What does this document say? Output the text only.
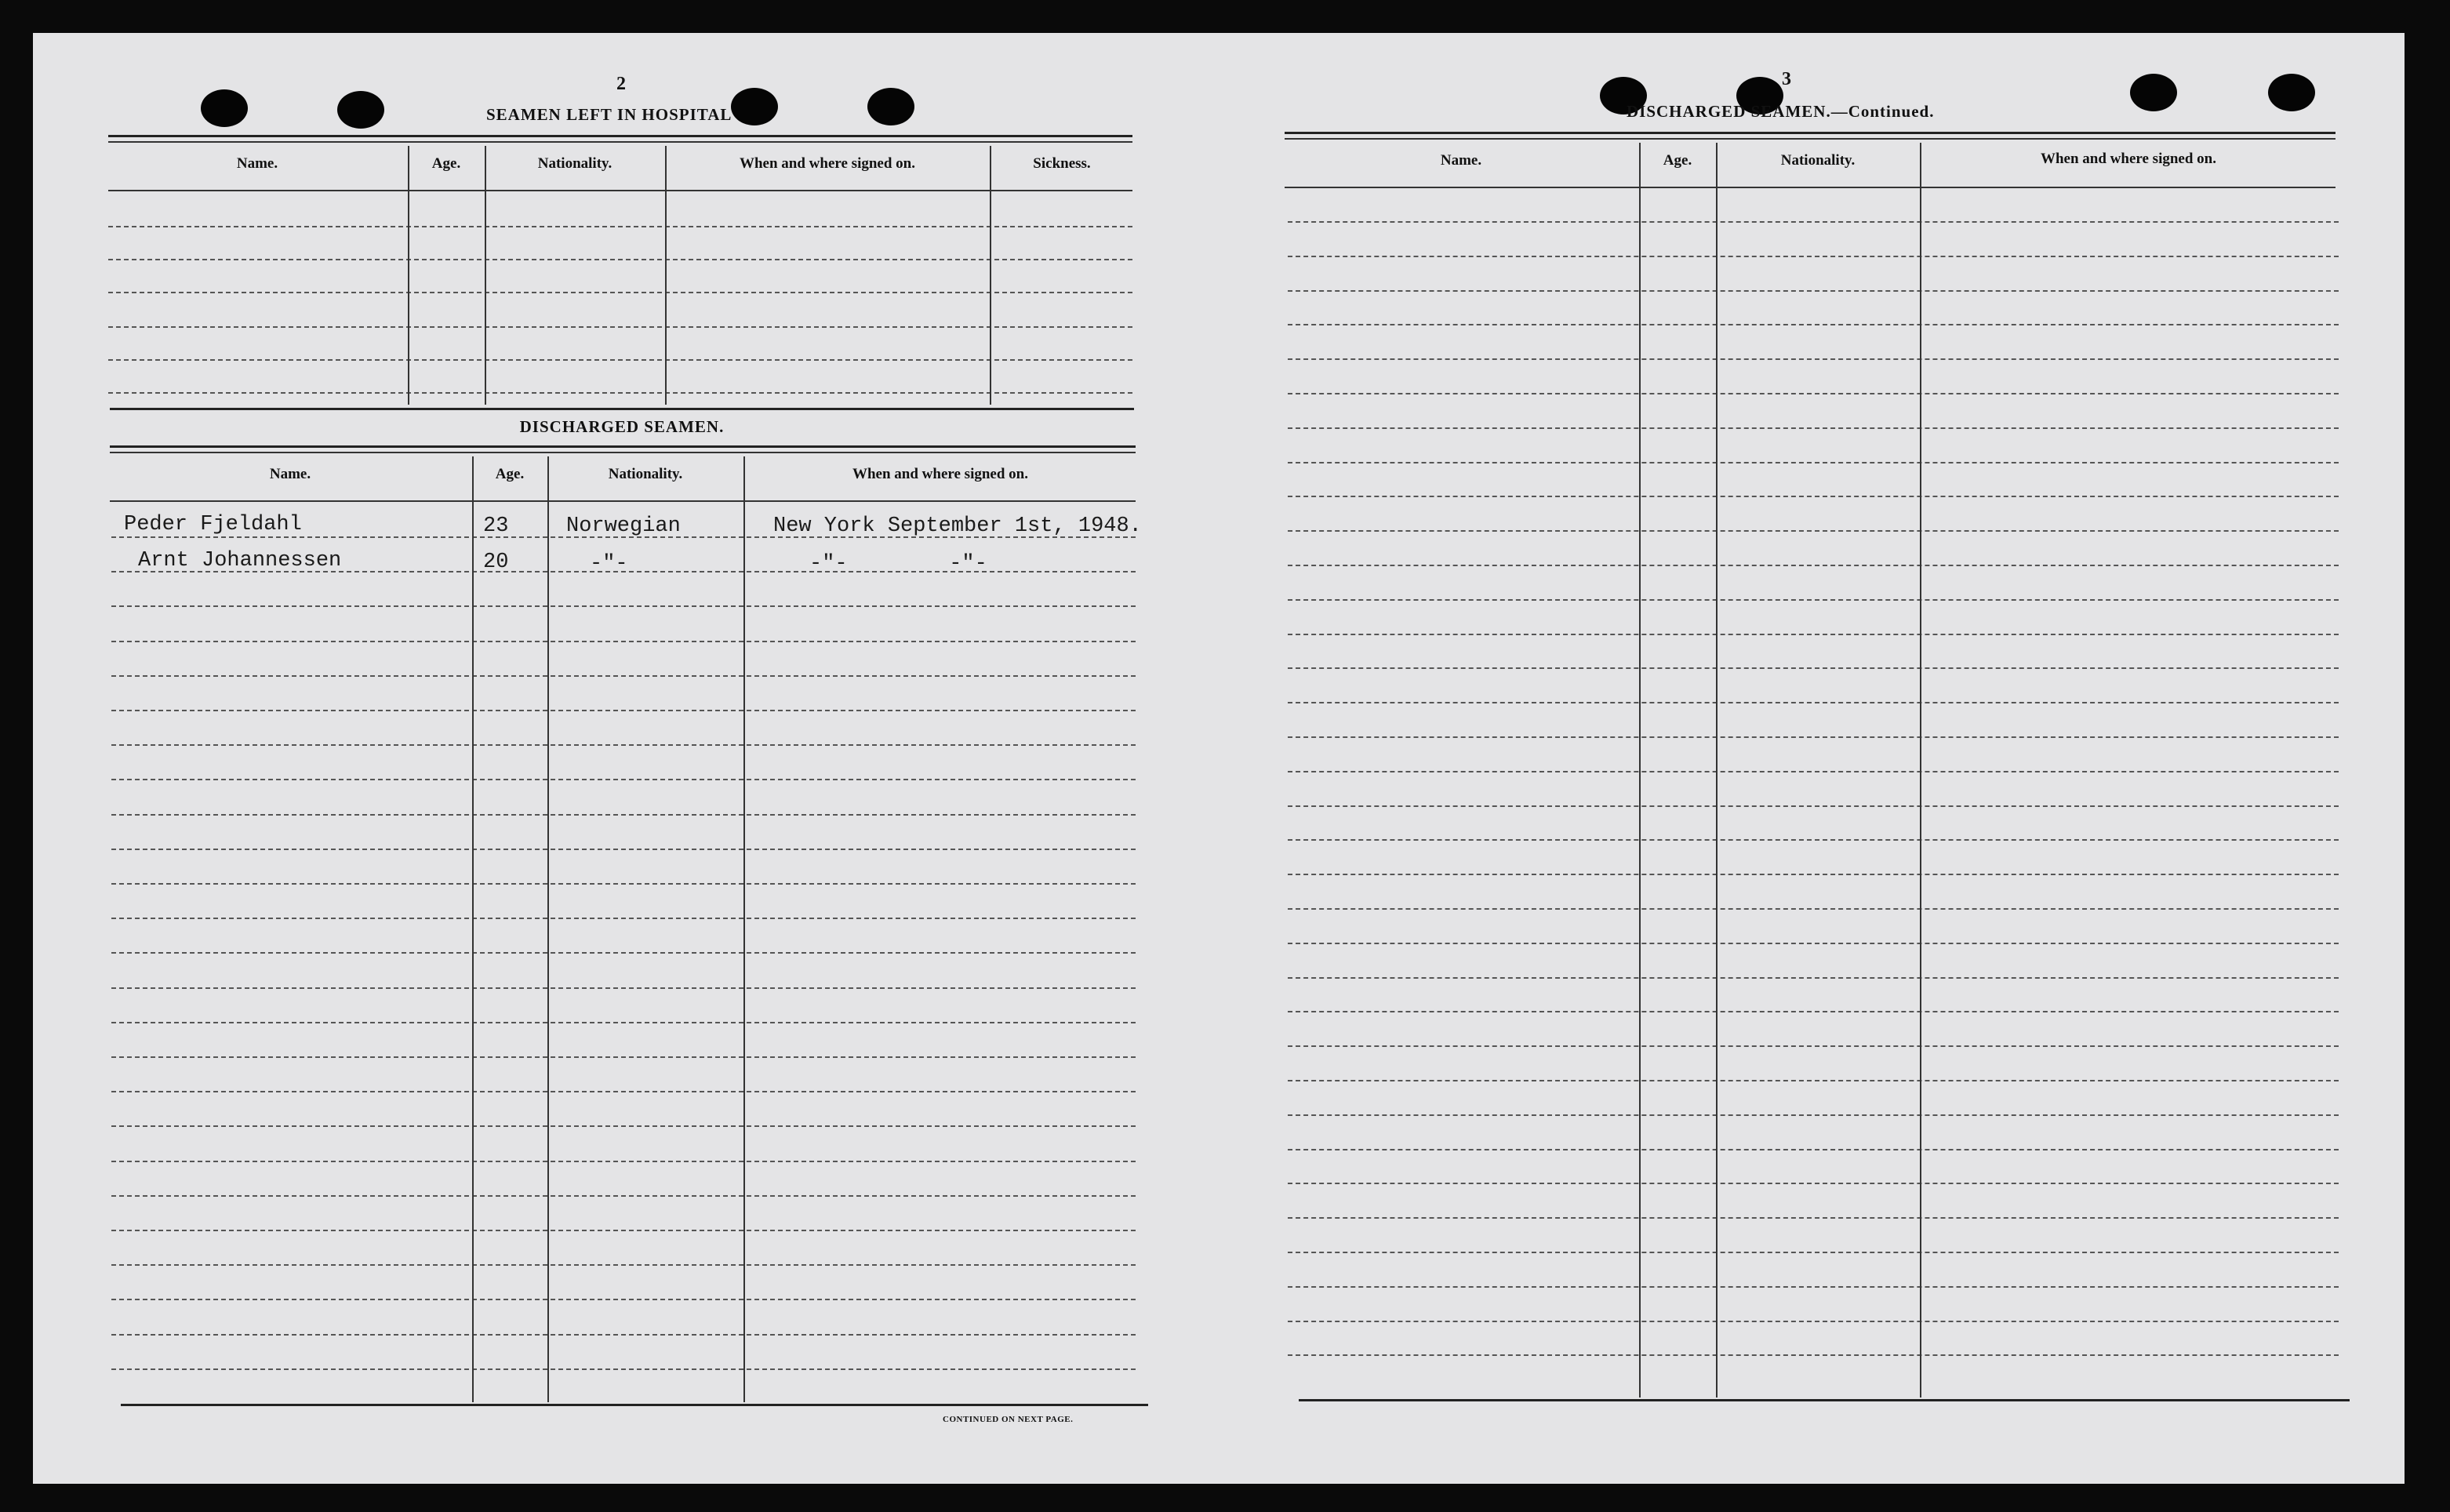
2
SEAMEN LEFT IN HOSPITAL
Name.	Age.	Nationality.	When and where signed on.	Sickness.
DISCHARGED SEAMEN.
Name.	Age.	Nationality.	When and where signed on.
Peder Fjeldahl	23	Norwegian	New York September 1st, 1948.
Arnt Johannessen	20	-"-	-"-        -"-
CONTINUED ON NEXT PAGE.
3
DISCHARGED SEAMEN.—Continued.
Name.	Age.	Nationality.	When and where signed on.
